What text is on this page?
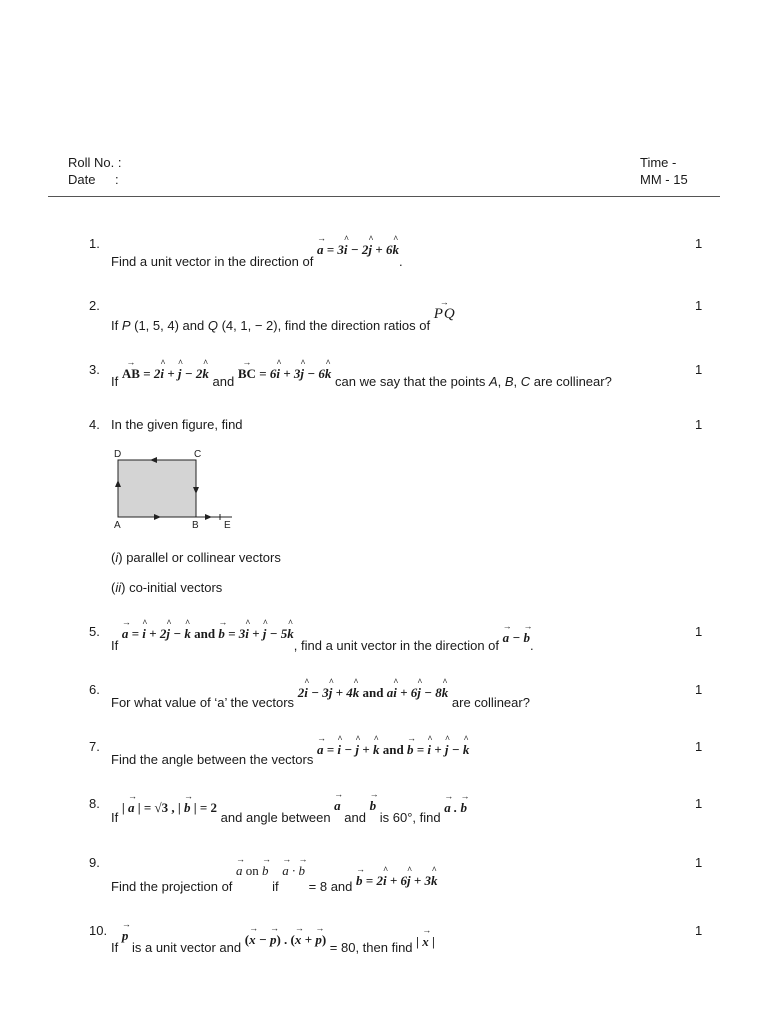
Roll No. :
Date :
Time -
MM - 15
1.	1
Find a unit vector in the direction of → a = 3^ i − 2^ j + 6^ k.
2.	1
If P (1, 5, 4) and Q (4, 1, − 2), find the direction ratios of → PQ
3.	1
If → AB = 2^ i + ^ j − 2^ k and → BC = 6^ i + 3^ j − 6^ k can we say that the points A, B, C are collinear?
4.	1
In the given figure, find
D	C
A	B	E
(i) parallel or collinear vectors
(ii) co-initial vectors
5.	1
If → a = ^ i + 2^ j − ^ k and → b = 3^ i + ^ j − 5^ k, find a unit vector in the direction of → a − → b.
6.	1
For what value of ‘a’ the vectors 2^ i − 3^ j + 4^ k and a^ i + 6^ j − 8^ k are collinear?
7.	1
Find the angle between the vectors → a = ^ i − ^ j + ^ k and → b = ^ i + ^ j − ^ k
8.	1
If | → a | = √3 , | → b | = 2 and angle between → a and → b is 60°, find → a . → b
9.	1
Find the projection of → a on → b if → a · → b = 8 and → b = 2^ i + 6^ j + 3^ k
10.	1
If → p is a unit vector and (→ x − → p) . (→ x + → p) = 80, then find | → x |
